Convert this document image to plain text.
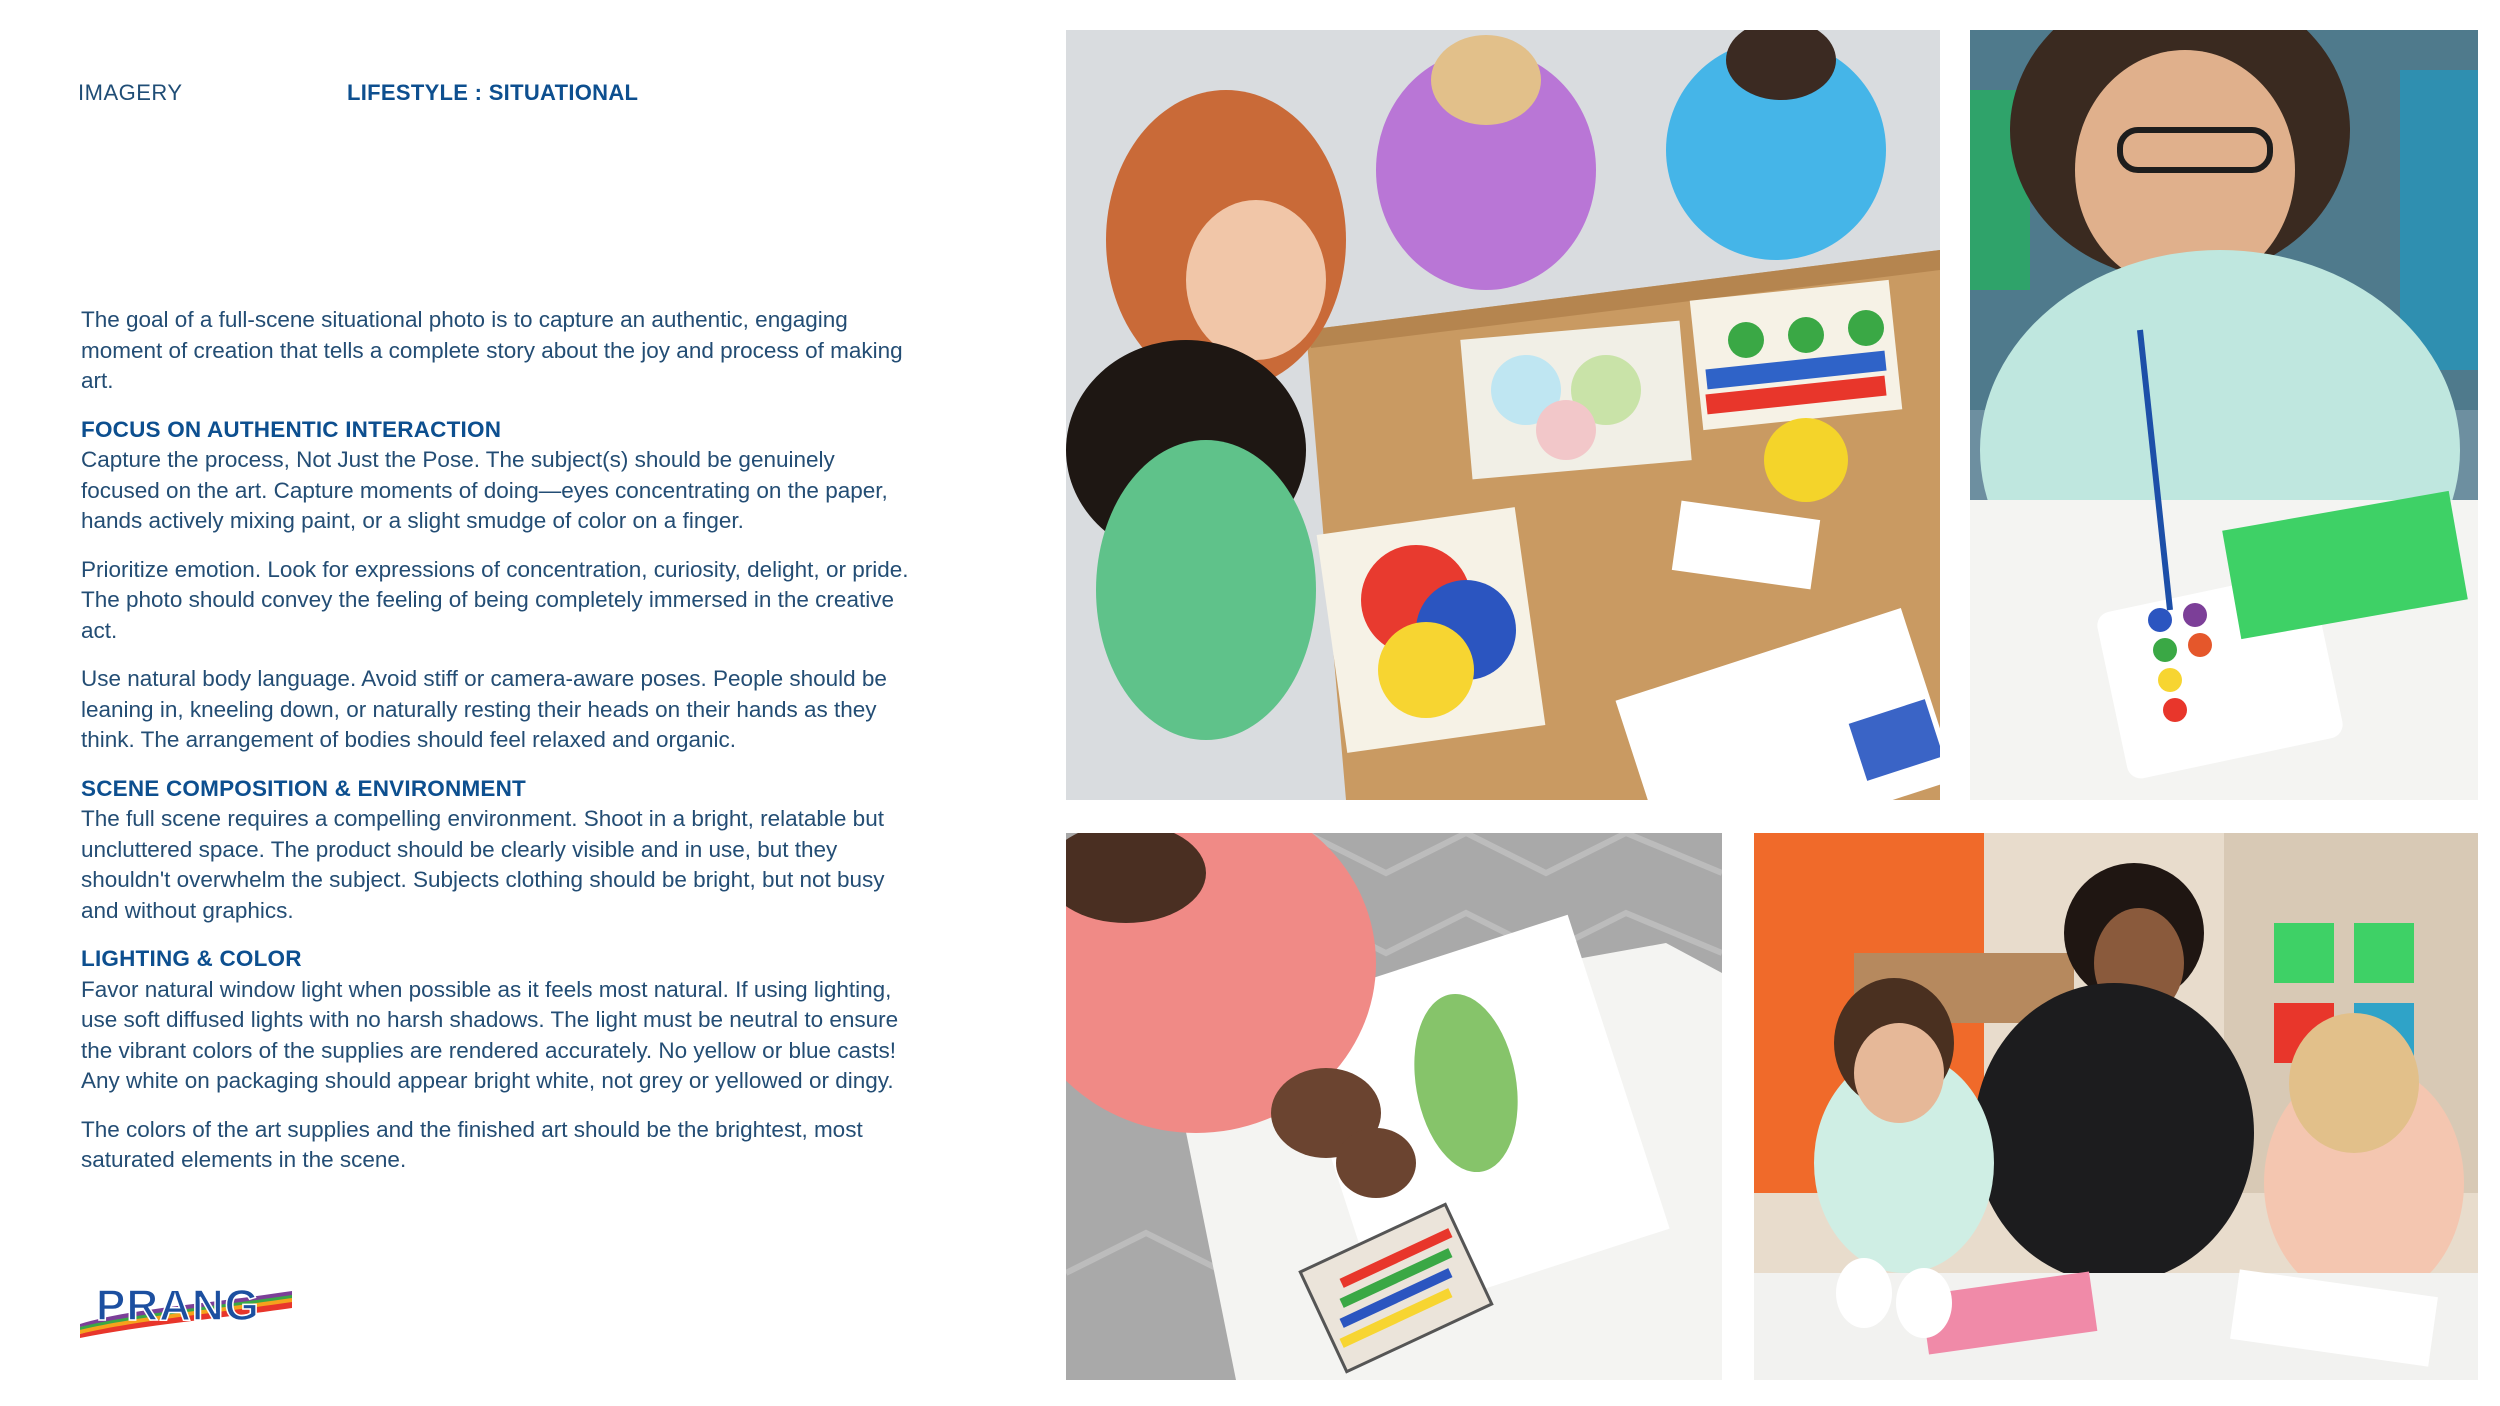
IMAGERY	LIFESTYLE : SITUATIONAL

The goal of a full-scene situational photo is to capture an authentic, engaging moment of creation that tells a complete story about the joy and process of making art.

FOCUS ON AUTHENTIC INTERACTION

Capture the process, Not Just the Pose. The subject(s) should be genuinely focused on the art. Capture moments of doing—eyes concentrating on the paper, hands actively mixing paint, or a slight smudge of color on a finger.

Prioritize emotion. Look for expressions of concentration, curiosity, delight, or pride. The photo should convey the feeling of being completely immersed in the creative act.

Use natural body language. Avoid stiff or camera-aware poses. People should be leaning in, kneeling down, or naturally resting their heads on their hands as they think. The arrangement of bodies should feel relaxed and organic.

SCENE COMPOSITION & ENVIRONMENT

The full scene requires a compelling environment. Shoot in a bright, relatable but uncluttered space. The product should be clearly visible and in use, but they shouldn't overwhelm the subject. Subjects clothing should be bright, but not busy and without graphics.

LIGHTING & COLOR

Favor natural window light when possible as it feels most natural. If using lighting, use soft diffused lights with no harsh shadows. The light must be neutral to ensure the vibrant colors of the supplies are rendered accurately. No yellow or blue casts! Any white on packaging should appear bright white, not grey or yellowed or dingy.

The colors of the art supplies and the finished art should be the brightest, most saturated elements in the scene.

PRANG
